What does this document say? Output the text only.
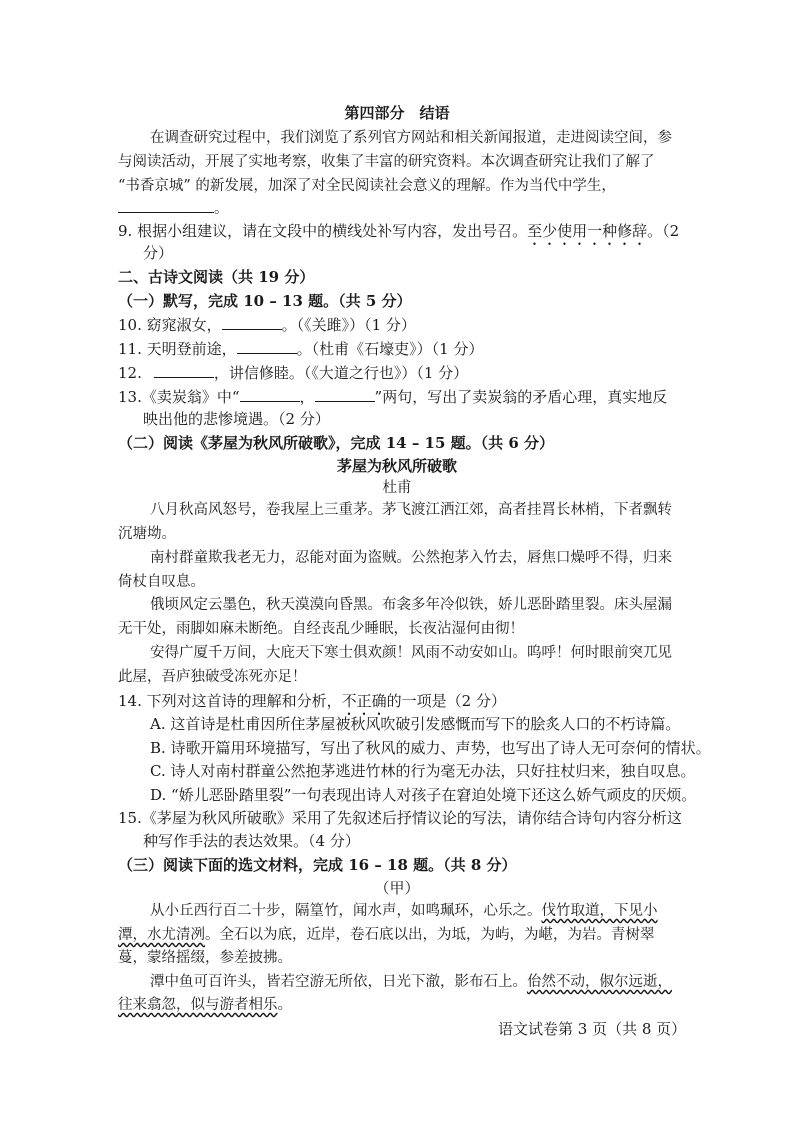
第四部分　结语
在调查研究过程中，我们浏览了系列官方网站和相关新闻报道，走进阅读空间，参
与阅读活动，开展了实地考察，收集了丰富的研究资料。本次调查研究让我们了解了
“书香京城” 的新发展，加深了对全民阅读社会意义的理解。作为当代中学生，
。
9. 根据小组建议，请在文段中的横线处补写内容，发出号召。至少使用一种修辞。（2
分）
二、古诗文阅读（共 19 分）
（一）默写，完成 10 – 13 题。（共 5 分）
10. 窈窕淑女，	。（《关雎》）（1 分）
11. 天明登前途，	。（杜甫《石壕吏》）（1 分）
12.	，讲信修睦。（《大道之行也》）（1 分）
13.《卖炭翁》中“	，	”两句，写出了卖炭翁的矛盾心理，真实地反
映出他的悲惨境遇。（2 分）
（二）阅读《茅屋为秋风所破歌》，完成 14 – 15 题。（共 6 分）
茅屋为秋风所破歌
杜甫
八月秋高风怒号，卷我屋上三重茅。茅飞渡江洒江郊，高者挂罥长林梢，下者飘转
沉塘坳。
南村群童欺我老无力，忍能对面为盗贼。公然抱茅入竹去，唇焦口燥呼不得，归来
倚杖自叹息。
俄顷风定云墨色，秋天漠漠向昏黑。布衾多年冷似铁，娇儿恶卧踏里裂。床头屋漏
无干处，雨脚如麻未断绝。自经丧乱少睡眠，长夜沾湿何由彻！
安得广厦千万间，大庇天下寒士俱欢颜！风雨不动安如山。呜呼！何时眼前突兀见
此屋，吾庐独破受冻死亦足！
14. 下列对这首诗的理解和分析，不正确的一项是（2 分）
A. 这首诗是杜甫因所住茅屋被秋风吹破引发感慨而写下的脍炙人口的不朽诗篇。
B. 诗歌开篇用环境描写，写出了秋风的威力、声势，也写出了诗人无可奈何的情状。
C. 诗人对南村群童公然抱茅逃进竹林的行为毫无办法，只好拄杖归来，独自叹息。
D. “娇儿恶卧踏里裂”一句表现出诗人对孩子在窘迫处境下还这么娇气顽皮的厌烦。
15.《茅屋为秋风所破歌》采用了先叙述后抒情议论的写法，请你结合诗句内容分析这
种写作手法的表达效果。（4 分）
（三）阅读下面的选文材料，完成 16 – 18 题。（共 8 分）
（甲）
从小丘西行百二十步，隔篁竹，闻水声，如鸣珮环，心乐之。伐竹取道，下见小
潭，水尤清冽。全石以为底，近岸，卷石底以出，为坻，为屿，为嵁，为岩。青树翠
蔓，蒙络摇缀，参差披拂。
潭中鱼可百许头，皆若空游无所依，日光下澈，影布石上。佁然不动，俶尔远逝，
往来翕忽，似与游者相乐。
语文试卷第 3 页（共 8 页）
